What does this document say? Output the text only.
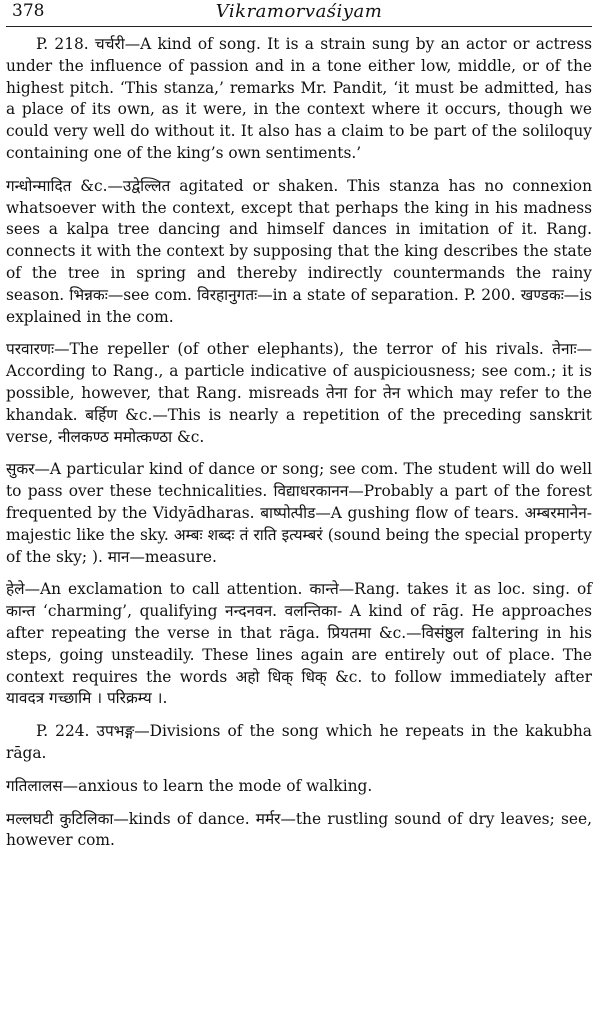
378	Vikramorvaśiyam

P. 218. चर्चरी—A kind of song. It is a strain sung by an actor or actress under the influence of passion and in a tone either low, middle, or of the highest pitch. ‘This stanza,’ remarks Mr. Pandit, ‘it must be admitted, has a place of its own, as it were, in the context where it occurs, though we could very well do without it. It also has a claim to be part of the soliloquy containing one of the king’s own sentiments.’

गन्धोन्मादित &c.—उद्वेल्लित agitated or shaken. This stanza has no connexion whatsoever with the context, except that perhaps the king in his madness sees a kalpa tree dancing and himself dances in imitation of it. Rang. connects it with the context by supposing that the king describes the state of the tree in spring and thereby indirectly countermands the rainy season. भिन्नकः—see com. विरहानुगतः—in a state of separation. P. 200. खण्डकः—is explained in the com.

परवारणः—The repeller (of other elephants), the terror of his rivals. तेनाः—According to Rang., a particle indicative of auspiciousness; see com.; it is possible, however, that Rang. misreads तेना for तेन which may refer to the khandak. बर्हिण &c.—This is nearly a repetition of the preceding sanskrit verse, नीलकण्ठ ममोत्कण्ठा &c.

सुकर—A particular kind of dance or song; see com. The student will do well to pass over these technicalities. विद्याधरकानन—Probably a part of the forest frequented by the Vidyādharas. बाष्पोत्पीड—A gushing flow of tears. अम्बरमानेन- majestic like the sky. अम्बः शब्दः तं राति इत्यम्बरं (sound being the special property of the sky; ). मान—measure.

हेले—An exclamation to call attention. कान्ते—Rang. takes it as loc. sing. of कान्त ‘charming’, qualifying नन्दनवन. वलन्तिका- A kind of rāg. He approaches after repeating the verse in that rāga. प्रियतमा &c.—विसंष्ठुल faltering in his steps, going unsteadily. These lines again are entirely out of place. The context requires the words अहो धिक् धिक् &c. to follow immediately after यावदत्र गच्छामि । परिक्रम्य ।.

P. 224. उपभङ्ग—Divisions of the song which he repeats in the kakubha rāga.

गतिलालस—anxious to learn the mode of walking.

मल्लघटी कुटिलिका—kinds of dance. मर्मर—the rustling sound of dry leaves; see, however com.
